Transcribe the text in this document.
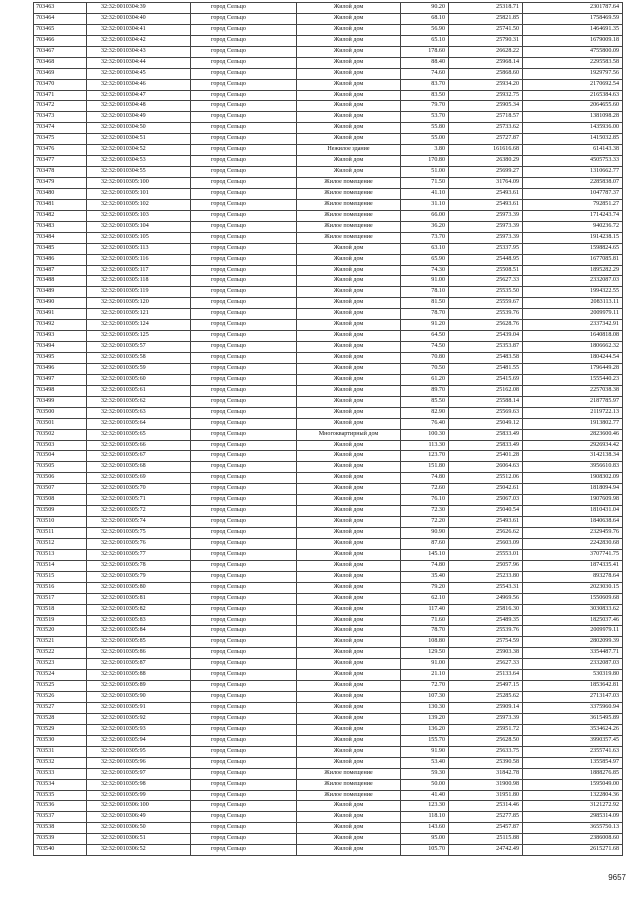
703463	32:32:0010304:39	город Сельцо	Жилой дом	90.20	25318.71	2301787.64
703464	32:32:0010304:40	город Сельцо	Жилой дом	68.10	25821.85	1758469.59
703465	32:32:0010304:41	город Сельцо	Жилой дом	56.90	25741.50	1464691.35
703466	32:32:0010304:42	город Сельцо	Жилой дом	65.10	25790.31	1679009.18
703467	32:32:0010304:43	город Сельцо	Жилой дом	178.60	26628.22	4755800.09
703468	32:32:0010304:44	город Сельцо	Жилой дом	88.40	25968.14	2295583.58
703469	32:32:0010304:45	город Сельцо	Жилой дом	74.60	25868.60	1929797.56
703470	32:32:0010304:46	город Сельцо	Жилой дом	83.70	25934.20	2170692.54
703471	32:32:0010304:47	город Сельцо	Жилой дом	83.50	25932.75	2165384.63
703472	32:32:0010304:48	город Сельцо	Жилой дом	79.70	25905.34	2064655.60
703473	32:32:0010304:49	город Сельцо	Жилой дом	53.70	25718.57	1381098.28
703474	32:32:0010304:50	город Сельцо	Жилой дом	55.80	25733.62	1435936.00
703475	32:32:0010304:51	город Сельцо	Жилой дом	55.00	25727.87	1415032.85
703476	32:32:0010304:52	город Сельцо	Нежилое здание	3.80	161616.68	614143.38
703477	32:32:0010304:53	город Сельцо	Жилой дом	170.80	26380.29	4505753.33
703478	32:32:0010304:55	город Сельцо	Жилой дом	51.00	25699.27	1310662.77
703479	32:32:0010305:100	город Сельцо	Жилое помещение	71.50	31764.09	2285838.07
703480	32:32:0010305:101	город Сельцо	Жилое помещение	41.10	25493.61	1047787.37
703481	32:32:0010305:102	город Сельцо	Жилое помещение	31.10	25493.61	792851.27
703482	32:32:0010305:103	город Сельцо	Жилое помещение	66.00	25973.39	1714243.74
703483	32:32:0010305:104	город Сельцо	Жилое помещение	36.20	25973.39	940236.72
703484	32:32:0010305:105	город Сельцо	Жилое помещение	73.70	25973.39	1914238.15
703485	32:32:0010305:113	город Сельцо	Жилой дом	63.10	25337.95	1598824.65
703486	32:32:0010305:116	город Сельцо	Жилой дом	65.90	25448.95	1677085.81
703487	32:32:0010305:117	город Сельцо	Жилой дом	74.30	25508.51	1895282.29
703488	32:32:0010305:118	город Сельцо	Жилой дом	91.00	25627.33	2332087.03
703489	32:32:0010305:119	город Сельцо	Жилой дом	78.10	25535.50	1994322.55
703490	32:32:0010305:120	город Сельцо	Жилой дом	81.50	25559.67	2083113.11
703491	32:32:0010305:121	город Сельцо	Жилой дом	78.70	25539.76	2009979.11
703492	32:32:0010305:124	город Сельцо	Жилой дом	91.20	25628.76	2337342.91
703493	32:32:0010305:125	город Сельцо	Жилой дом	64.50	25439.04	1640818.08
703494	32:32:0010305:57	город Сельцо	Жилой дом	74.50	25353.87	1806662.32
703495	32:32:0010305:58	город Сельцо	Жилой дом	70.80	25483.58	1804244.54
703496	32:32:0010305:59	город Сельцо	Жилой дом	70.50	25481.55	1796449.28
703497	32:32:0010305:60	город Сельцо	Жилой дом	61.20	25415.69	1555440.23
703498	32:32:0010305:61	город Сельцо	Жилой дом	89.70	25162.08	2257038.38
703499	32:32:0010305:62	город Сельцо	Жилой дом	85.50	25588.14	2187785.97
703500	32:32:0010305:63	город Сельцо	Жилой дом	82.90	25569.63	2119722.13
703501	32:32:0010305:64	город Сельцо	Жилой дом	76.40	25049.12	1913802.77
703502	32:32:0010305:65	город Сельцо	Многоквартирный дом	100.30	25833.49	2823600.46
703503	32:32:0010305:66	город Сельцо	Жилой дом	113.30	25833.49	2926934.42
703504	32:32:0010305:67	город Сельцо	Жилой дом	123.70	25401.28	3142138.34
703505	32:32:0010305:68	город Сельцо	Жилой дом	151.80	26064.63	3956610.83
703506	32:32:0010305:69	город Сельцо	Жилой дом	74.80	25512.06	1908302.09
703507	32:32:0010305:70	город Сельцо	Жилой дом	72.60	25042.61	1818094.94
703508	32:32:0010305:71	город Сельцо	Жилой дом	76.10	25067.03	1907609.98
703509	32:32:0010305:72	город Сельцо	Жилой дом	72.30	25040.54	1810431.04
703510	32:32:0010305:74	город Сельцо	Жилой дом	72.20	25493.61	1840638.64
703511	32:32:0010305:75	город Сельцо	Жилой дом	90.90	25626.62	2329459.76
703512	32:32:0010305:76	город Сельцо	Жилой дом	87.60	25603.09	2242830.68
703513	32:32:0010305:77	город Сельцо	Жилой дом	145.10	25553.01	3707741.75
703514	32:32:0010305:78	город Сельцо	Жилой дом	74.80	25057.96	1874335.41
703515	32:32:0010305:79	город Сельцо	Жилой дом	35.40	25233.80	893278.64
703516	32:32:0010305:80	город Сельцо	Жилой дом	79.20	25543.31	2023030.15
703517	32:32:0010305:81	город Сельцо	Жилой дом	62.10	24969.56	1550609.68
703518	32:32:0010305:82	город Сельцо	Жилой дом	117.40	25816.30	3030833.62
703519	32:32:0010305:83	город Сельцо	Жилой дом	71.60	25489.35	1825037.46
703520	32:32:0010305:84	город Сельцо	Жилой дом	78.70	25539.76	2009979.11
703521	32:32:0010305:85	город Сельцо	Жилой дом	108.80	25754.59	2802099.39
703522	32:32:0010305:86	город Сельцо	Жилой дом	129.50	25903.38	3354487.71
703523	32:32:0010305:87	город Сельцо	Жилой дом	91.00	25627.33	2332087.03
703524	32:32:0010305:88	город Сельцо	Жилой дом	21.10	25133.64	530319.80
703525	32:32:0010305:89	город Сельцо	Жилой дом	72.70	25497.15	1853642.81
703526	32:32:0010305:90	город Сельцо	Жилой дом	107.30	25285.62	2713147.03
703527	32:32:0010305:91	город Сельцо	Жилой дом	130.30	25909.14	3375960.94
703528	32:32:0010305:92	город Сельцо	Жилой дом	139.20	25973.39	3615495.89
703529	32:32:0010305:93	город Сельцо	Жилой дом	136.20	25951.72	3534624.26
703530	32:32:0010305:94	город Сельцо	Жилой дом	155.70	25628.50	3990357.45
703531	32:32:0010305:95	город Сельцо	Жилой дом	91.90	25633.75	2355741.63
703532	32:32:0010305:96	город Сельцо	Жилой дом	53.40	25390.58	1355854.97
703533	32:32:0010305:97	город Сельцо	Жилое помещение	59.30	31842.78	1888276.85
703534	32:32:0010305:98	город Сельцо	Жилое помещение	50.00	31900.98	1595049.00
703535	32:32:0010305:99	город Сельцо	Жилое помещение	41.40	31951.80	1322804.36
703536	32:32:0010306:100	город Сельцо	Жилой дом	123.30	25314.46	3121272.92
703537	32:32:0010306:49	город Сельцо	Жилой дом	118.10	25277.85	2985314.09
703538	32:32:0010306:50	город Сельцо	Жилой дом	143.60	25457.87	3655750.13
703539	32:32:0010306:51	город Сельцо	Жилой дом	95.00	25115.88	2386008.60
703540	32:32:0010306:52	город Сельцо	Жилой дом	105.70	24742.49	2615271.68
9657
